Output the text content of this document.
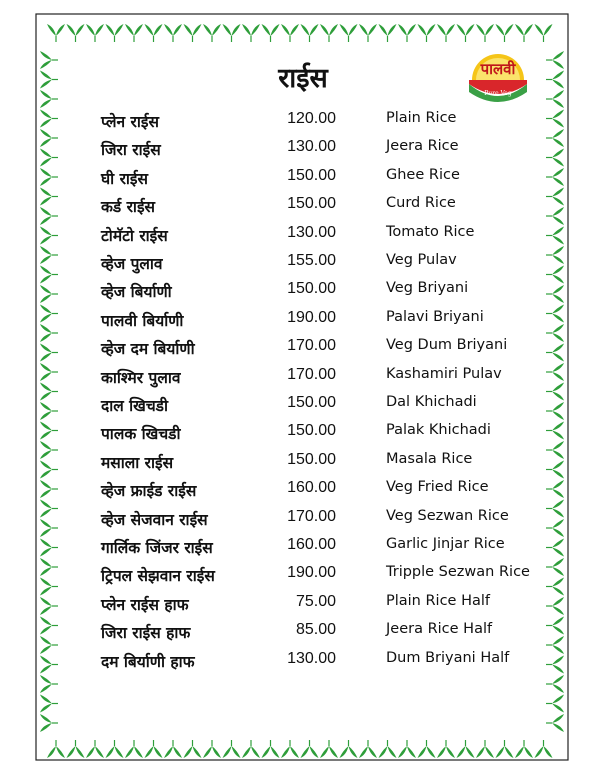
राईस	पालवी
Pure Veg
प्लेन राईस	120.00	Plain Rice
जिरा राईस	130.00	Jeera Rice
घी राईस	150.00	Ghee Rice
कर्ड राईस	150.00	Curd Rice
टोमॅटो राईस	130.00	Tomato Rice
व्हेज पुलाव	155.00	Veg Pulav
व्हेज बिर्याणी	150.00	Veg Briyani
पालवी बिर्याणी	190.00	Palavi Briyani
व्हेज दम बिर्याणी	170.00	Veg Dum Briyani
काश्मिर पुलाव	170.00	Kashamiri Pulav
दाल खिचडी	150.00	Dal Khichadi
पालक खिचडी	150.00	Palak Khichadi
मसाला राईस	150.00	Masala Rice
व्हेज फ्राईड राईस	160.00	Veg Fried Rice
व्हेज सेजवान राईस	170.00	Veg Sezwan Rice
गार्लिक जिंजर राईस	160.00	Garlic Jinjar Rice
ट्रिपल सेझवान राईस	190.00	Tripple Sezwan Rice
प्लेन राईस हाफ	75.00	Plain Rice Half
जिरा राईस हाफ	85.00	Jeera Rice Half
दम बिर्याणी हाफ	130.00	Dum Briyani Half
